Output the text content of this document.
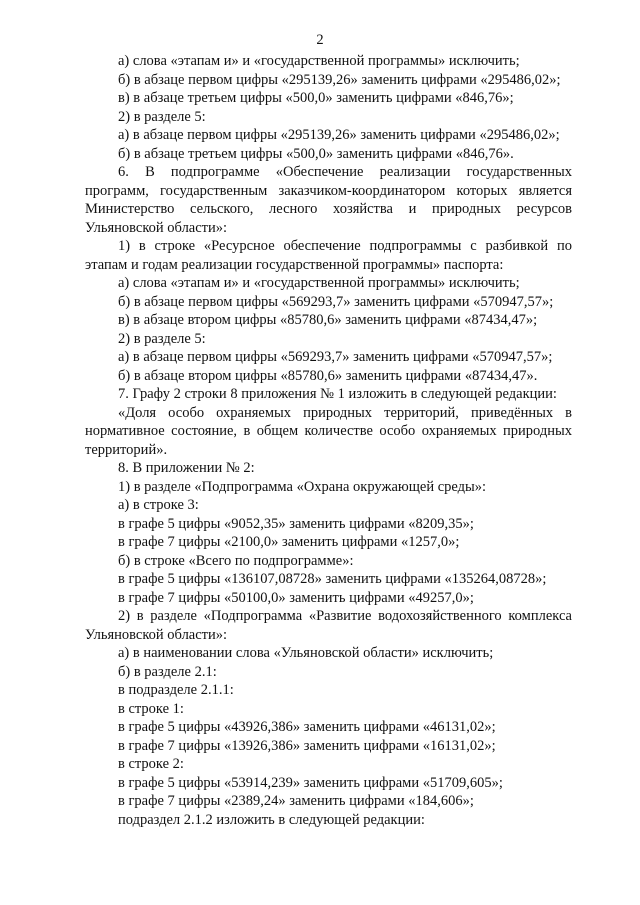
2

а) слова «этапам и» и «государственной программы» исключить;

б) в абзаце первом цифры «295139,26» заменить цифрами «295486,02»;

в) в абзаце третьем цифры «500,0» заменить цифрами «846,76»;

2) в разделе 5:

а) в абзаце первом цифры «295139,26» заменить цифрами «295486,02»;

б) в абзаце третьем цифры «500,0» заменить цифрами «846,76».

6. В подпрограмме «Обеспечение реализации государственных программ, государственным заказчиком-координатором которых является Министерство сельского, лесного хозяйства и природных ресурсов Ульяновской области»:

1) в строке «Ресурсное обеспечение подпрограммы с разбивкой по этапам и годам реализации государственной программы» паспорта:

а) слова «этапам и» и «государственной программы» исключить;

б) в абзаце первом цифры «569293,7» заменить цифрами «570947,57»;

в) в абзаце втором цифры «85780,6» заменить цифрами «87434,47»;

2) в разделе 5:

а) в абзаце первом цифры «569293,7» заменить цифрами «570947,57»;

б) в абзаце втором цифры «85780,6» заменить цифрами «87434,47».

7. Графу 2 строки 8 приложения № 1 изложить в следующей редакции:

«Доля особо охраняемых природных территорий, приведённых в нормативное состояние, в общем количестве особо охраняемых природных территорий».

8. В приложении № 2:

1) в разделе «Подпрограмма «Охрана окружающей среды»:

а) в строке 3:

в графе 5 цифры «9052,35» заменить цифрами «8209,35»;

в графе 7 цифры «2100,0» заменить цифрами «1257,0»;

б) в строке «Всего по подпрограмме»:

в графе 5 цифры «136107,08728» заменить цифрами «135264,08728»;

в графе 7 цифры «50100,0» заменить цифрами «49257,0»;

2) в разделе «Подпрограмма «Развитие водохозяйственного комплекса Ульяновской области»:

а) в наименовании слова «Ульяновской области» исключить;

б) в разделе 2.1:

в подразделе 2.1.1:

в строке 1:

в графе 5 цифры «43926,386» заменить цифрами «46131,02»;

в графе 7 цифры «13926,386» заменить цифрами «16131,02»;

в строке 2:

в графе 5 цифры «53914,239» заменить цифрами «51709,605»;

в графе 7 цифры «2389,24» заменить цифрами «184,606»;

подраздел 2.1.2 изложить в следующей редакции:
